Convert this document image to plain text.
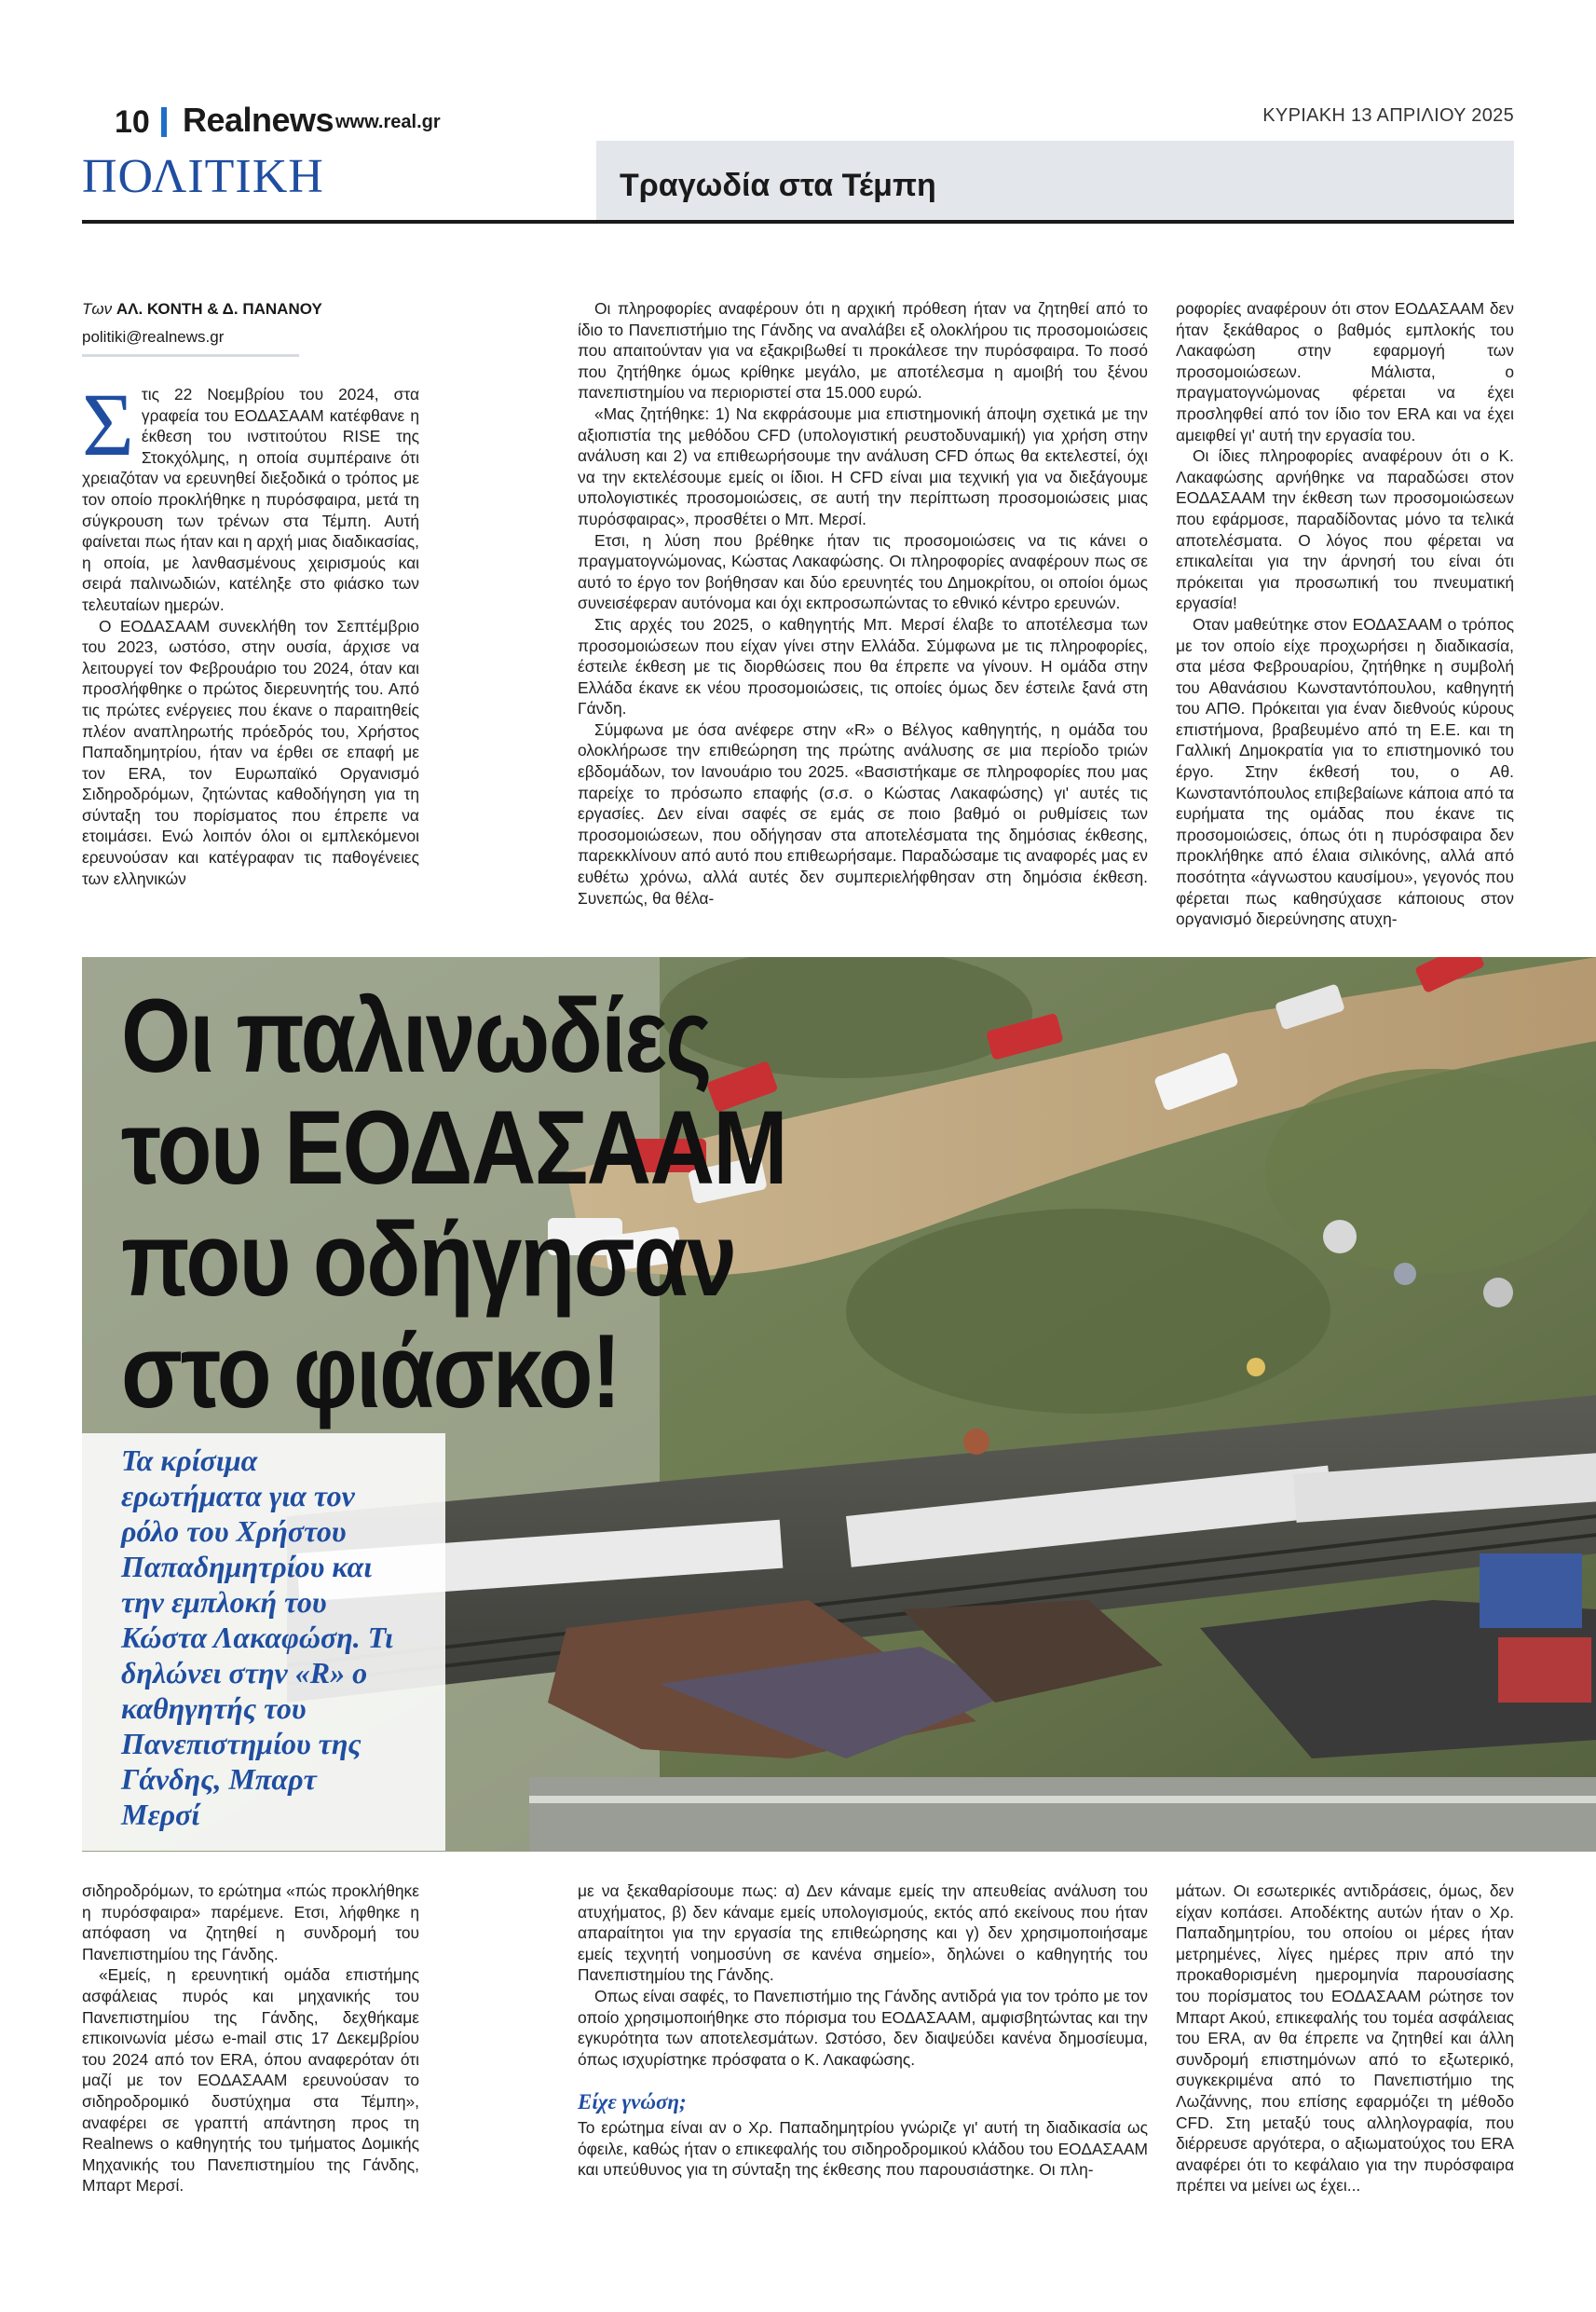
10 Realnews www.real.gr	ΚΥΡΙΑΚΗ 13 ΑΠΡΙΛΙΟΥ 2025
ΠΟΛΙΤΙΚΗ	Τραγωδία στα Τέμπη
Των ΑΛ. ΚΟΝΤΗ & Δ. ΠΑΝΑΝΟΥ
politiki@realnews.gr

Στις 22 Νοεμβρίου του 2024, στα γραφεία του ΕΟΔΑΣΑΑΜ κατέφθανε η έκθεση του ινστιτούτου RISE της Στοκχόλμης, η οποία συμπέραινε ότι χρειαζόταν να ερευνηθεί διεξοδικά ο τρόπος με τον οποίο προκλήθηκε η πυρόσφαιρα, μετά τη σύγκρουση των τρένων στα Τέμπη. Αυτή φαίνεται πως ήταν και η αρχή μιας διαδικασίας, η οποία, με λανθασμένους χειρισμούς και σειρά παλινωδιών, κατέληξε στο φιάσκο των τελευταίων ημερών.

Ο ΕΟΔΑΣΑΑΜ συνεκλήθη τον Σεπτέμβριο του 2023, ωστόσο, στην ουσία, άρχισε να λειτουργεί τον Φεβρουάριο του 2024, όταν και προσλήφθηκε ο πρώτος διερευνητής του. Από τις πρώτες ενέργειες που έκανε ο παραιτηθείς πλέον αναπληρωτής πρόεδρός του, Χρήστος Παπαδημητρίου, ήταν να έρθει σε επαφή με τον ERA, τον Ευρωπαϊκό Οργανισμό Σιδηροδρόμων, ζητώντας καθοδήγηση για τη σύνταξη του πορίσματος που έπρεπε να ετοιμάσει. Ενώ λοιπόν όλοι οι εμπλεκόμενοι ερευνούσαν και κατέγραφαν τις παθογένειες των ελληνικών

Οι πληροφορίες αναφέρουν ότι η αρχική πρόθεση ήταν να ζητηθεί από το ίδιο το Πανεπιστήμιο της Γάνδης να αναλάβει εξ ολοκλήρου τις προσομοιώσεις που απαιτούνταν για να εξακριβωθεί τι προκάλεσε την πυρόσφαιρα. Το ποσό που ζητήθηκε όμως κρίθηκε μεγάλο, με αποτέλεσμα η αμοιβή του ξένου πανεπιστημίου να περιοριστεί στα 15.000 ευρώ.

«Μας ζητήθηκε: 1) Να εκφράσουμε μια επιστημονική άποψη σχετικά με την αξιοπιστία της μεθόδου CFD (υπολογιστική ρευστοδυναμική) για χρήση στην ανάλυση και 2) να επιθεωρήσουμε την ανάλυση CFD όπως θα εκτελεστεί, όχι να την εκτελέσουμε εμείς οι ίδιοι. Η CFD είναι μια τεχνική για να διεξάγουμε υπολογιστικές προσομοιώσεις, σε αυτή την περίπτωση προσομοιώσεις μιας πυρόσφαιρας», προσθέτει ο Μπ. Μερσί.

Ετσι, η λύση που βρέθηκε ήταν τις προσομοιώσεις να τις κάνει ο πραγματογνώμονας, Κώστας Λακαφώσης. Οι πληροφορίες αναφέρουν πως σε αυτό το έργο τον βοήθησαν και δύο ερευνητές του Δημοκρίτου, οι οποίοι όμως συνεισέφεραν αυτόνομα και όχι εκπροσωπώντας το εθνικό κέντρο ερευνών.

Στις αρχές του 2025, ο καθηγητής Μπ. Μερσί έλαβε το αποτέλεσμα των προσομοιώσεων που είχαν γίνει στην Ελλάδα. Σύμφωνα με τις πληροφορίες, έστειλε έκθεση με τις διορθώσεις που θα έπρεπε να γίνουν. Η ομάδα στην Ελλάδα έκανε εκ νέου προσομοιώσεις, τις οποίες όμως δεν έστειλε ξανά στη Γάνδη.

Σύμφωνα με όσα ανέφερε στην «R» ο Βέλγος καθηγητής, η ομάδα του ολοκλήρωσε την επιθεώρηση της πρώτης ανάλυσης σε μια περίοδο τριών εβδομάδων, τον Ιανουάριο του 2025. «Βασιστήκαμε σε πληροφορίες που μας παρείχε το πρόσωπο επαφής (σ.σ. ο Κώστας Λακαφώσης) γι' αυτές τις εργασίες. Δεν είναι σαφές σε εμάς σε ποιο βαθμό οι ρυθμίσεις των προσομοιώσεων, που οδήγησαν στα αποτελέσματα της δημόσιας έκθεσης, παρεκκλίνουν από αυτό που επιθεωρήσαμε. Παραδώσαμε τις αναφορές μας εν ευθέτω χρόνω, αλλά αυτές δεν συμπεριελήφθησαν στη δημόσια έκθεση. Συνεπώς, θα θέλα-

ροφορίες αναφέρουν ότι στον ΕΟΔΑΣΑΑΜ δεν ήταν ξεκάθαρος ο βαθμός εμπλοκής του Λακαφώση στην εφαρμογή των προσομοιώσεων. Μάλιστα, ο πραγματογνώμονας φέρεται να έχει προσληφθεί από τον ίδιο τον ERA και να έχει αμειφθεί γι' αυτή την εργασία του.

Οι ίδιες πληροφορίες αναφέρουν ότι ο Κ. Λακαφώσης αρνήθηκε να παραδώσει στον ΕΟΔΑΣΑΑΜ την έκθεση των προσομοιώσεων που εφάρμοσε, παραδίδοντας μόνο τα τελικά αποτελέσματα. Ο λόγος που φέρεται να επικαλείται για την άρνησή του είναι ότι πρόκειται για προσωπική του πνευματική εργασία!

Οταν μαθεύτηκε στον ΕΟΔΑΣΑΑΜ ο τρόπος με τον οποίο είχε προχωρήσει η διαδικασία, στα μέσα Φεβρουαρίου, ζητήθηκε η συμβολή του Αθανάσιου Κωνσταντόπουλου, καθηγητή του ΑΠΘ. Πρόκειται για έναν διεθνούς κύρους επιστήμονα, βραβευμένο από τη Ε.Ε. και τη Γαλλική Δημοκρατία για το επιστημονικό του έργο. Στην έκθεσή του, ο Αθ. Κωνσταντόπουλος επιβεβαίωνε κάποια από τα ευρήματα της ομάδας που έκανε τις προσομοιώσεις, όπως ότι η πυρόσφαιρα δεν προκλήθηκε από έλαια σιλικόνης, αλλά από ποσότητα «άγνωστου καυσίμου», γεγονός που φέρεται πως καθησύχασε κάποιους στον οργανισμό διερεύνησης ατυχη-

Οι παλινωδίες
του ΕΟΔΑΣΑΑΜ
που οδήγησαν
στο φιάσκο!
Τα κρίσιμα ερωτήματα για τον ρόλο του Χρήστου Παπαδημητρίου και την εμπλοκή του Κώστα Λακαφώση. Τι δηλώνει στην «R» ο καθηγητής του Πανεπιστημίου της Γάνδης, Μπαρτ Μερσί

σιδηροδρόμων, το ερώτημα «πώς προκλήθηκε η πυρόσφαιρα» παρέμενε. Ετσι, λήφθηκε η απόφαση να ζητηθεί η συνδρομή του Πανεπιστημίου της Γάνδης.

«Εμείς, η ερευνητική ομάδα επιστήμης ασφάλειας πυρός και μηχανικής του Πανεπιστημίου της Γάνδης, δεχθήκαμε επικοινωνία μέσω e-mail στις 17 Δεκεμβρίου του 2024 από τον ERA, όπου αναφερόταν ότι μαζί με τον ΕΟΔΑΣΑΑΜ ερευνούσαν το σιδηροδρομικό δυστύχημα στα Τέμπη», αναφέρει σε γραπτή απάντηση προς τη Realnews ο καθηγητής του τμήματος Δομικής Μηχανικής του Πανεπιστημίου της Γάνδης, Μπαρτ Μερσί.

με να ξεκαθαρίσουμε πως: α) Δεν κάναμε εμείς την απευθείας ανάλυση του ατυχήματος, β) δεν κάναμε εμείς υπολογισμούς, εκτός από εκείνους που ήταν απαραίτητοι για την εργασία της επιθεώρησης και γ) δεν χρησιμοποιήσαμε εμείς τεχνητή νοημοσύνη σε κανένα σημείο», δηλώνει ο καθηγητής του Πανεπιστημίου της Γάνδης.

Οπως είναι σαφές, το Πανεπιστήμιο της Γάνδης αντιδρά για τον τρόπο με τον οποίο χρησιμοποιήθηκε στο πόρισμα του ΕΟΔΑΣΑΑΜ, αμφισβητώντας και την εγκυρότητα των αποτελεσμάτων. Ωστόσο, δεν διαψεύδει κανένα δημοσίευμα, όπως ισχυρίστηκε πρόσφατα ο Κ. Λακαφώσης.

Είχε γνώση;

Το ερώτημα είναι αν ο Χρ. Παπαδημητρίου γνώριζε γι' αυτή τη διαδικασία ως όφειλε, καθώς ήταν ο επικεφαλής του σιδηροδρομικού κλάδου του ΕΟΔΑΣΑΑΜ και υπεύθυνος για τη σύνταξη της έκθεσης που παρουσιάστηκε. Οι πλη-

μάτων. Οι εσωτερικές αντιδράσεις, όμως, δεν είχαν κοπάσει. Αποδέκτης αυτών ήταν ο Χρ. Παπαδημητρίου, του οποίου οι μέρες ήταν μετρημένες, λίγες ημέρες πριν από την προκαθορισμένη ημερομηνία παρουσίασης του πορίσματος του ΕΟΔΑΣΑΑΜ ρώτησε τον Μπαρτ Ακού, επικεφαλής του τομέα ασφάλειας του ERA, αν θα έπρεπε να ζητηθεί και άλλη συνδρομή επιστημόνων από το εξωτερικό, συγκεκριμένα από το Πανεπιστήμιο της Λωζάννης, που επίσης εφαρμόζει τη μέθοδο CFD. Στη μεταξύ τους αλληλογραφία, που διέρρευσε αργότερα, ο αξιωματούχος του ERA αναφέρει ότι το κεφάλαιο για την πυρόσφαιρα πρέπει να μείνει ως έχει...
